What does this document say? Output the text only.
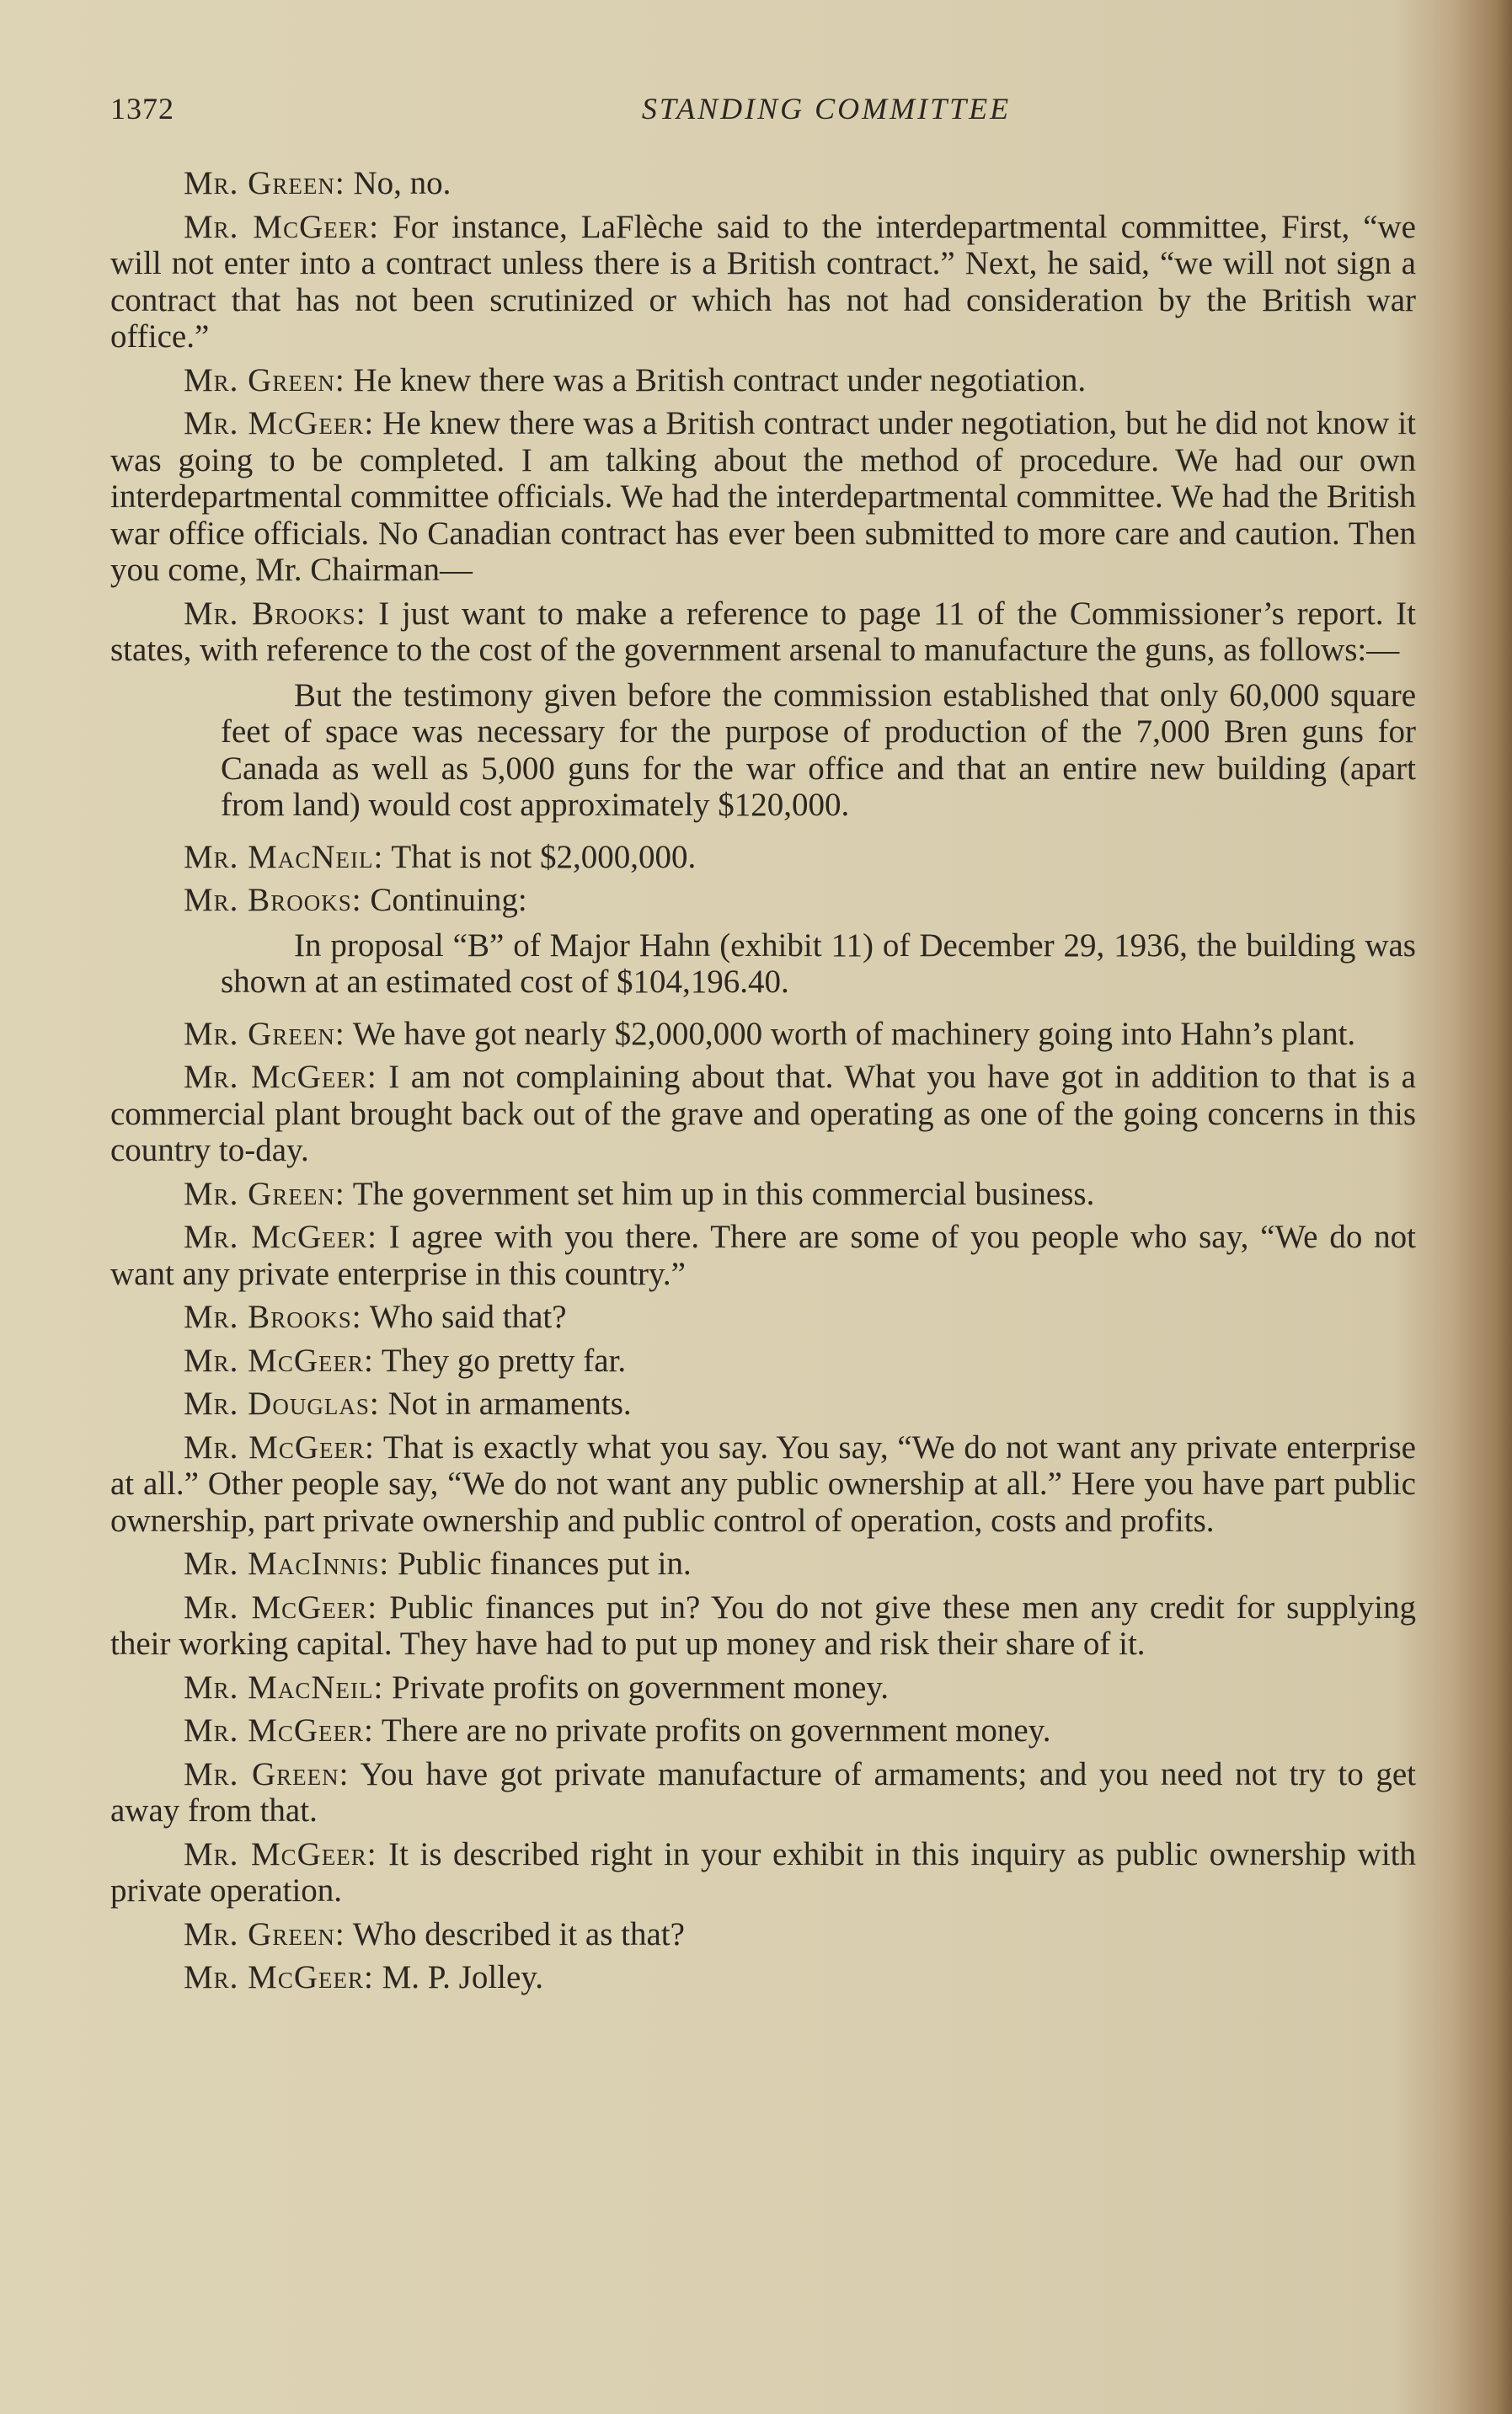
1372	STANDING COMMITTEE

Mr. Green: No, no.

Mr. McGeer: For instance, LaFlèche said to the interdepartmental committee, First, “we will not enter into a contract unless there is a British contract.” Next, he said, “we will not sign a contract that has not been scrutinized or which has not had consideration by the British war office.”

Mr. Green: He knew there was a British contract under negotiation.

Mr. McGeer: He knew there was a British contract under negotiation, but he did not know it was going to be completed. I am talking about the method of procedure. We had our own interdepartmental committee officials. We had the interdepartmental committee. We had the British war office officials. No Canadian contract has ever been submitted to more care and caution. Then you come, Mr. Chairman—

Mr. Brooks: I just want to make a reference to page 11 of the Commissioner’s report. It states, with reference to the cost of the government arsenal to manufacture the guns, as follows:—

But the testimony given before the commission established that only 60,000 square feet of space was necessary for the purpose of production of the 7,000 Bren guns for Canada as well as 5,000 guns for the war office and that an entire new building (apart from land) would cost approximately $120,000.

Mr. MacNeil: That is not $2,000,000.

Mr. Brooks: Continuing:

In proposal “B” of Major Hahn (exhibit 11) of December 29, 1936, the building was shown at an estimated cost of $104,196.40.

Mr. Green: We have got nearly $2,000,000 worth of machinery going into Hahn’s plant.

Mr. McGeer: I am not complaining about that. What you have got in addition to that is a commercial plant brought back out of the grave and operating as one of the going concerns in this country to-day.

Mr. Green: The government set him up in this commercial business.

Mr. McGeer: I agree with you there. There are some of you people who say, “We do not want any private enterprise in this country.”

Mr. Brooks: Who said that?

Mr. McGeer: They go pretty far.

Mr. Douglas: Not in armaments.

Mr. McGeer: That is exactly what you say. You say, “We do not want any private enterprise at all.” Other people say, “We do not want any public ownership at all.” Here you have part public ownership, part private ownership and public control of operation, costs and profits.

Mr. MacInnis: Public finances put in.

Mr. McGeer: Public finances put in? You do not give these men any credit for supplying their working capital. They have had to put up money and risk their share of it.

Mr. MacNeil: Private profits on government money.

Mr. McGeer: There are no private profits on government money.

Mr. Green: You have got private manufacture of armaments; and you need not try to get away from that.

Mr. McGeer: It is described right in your exhibit in this inquiry as public ownership with private operation.

Mr. Green: Who described it as that?

Mr. McGeer: M. P. Jolley.
